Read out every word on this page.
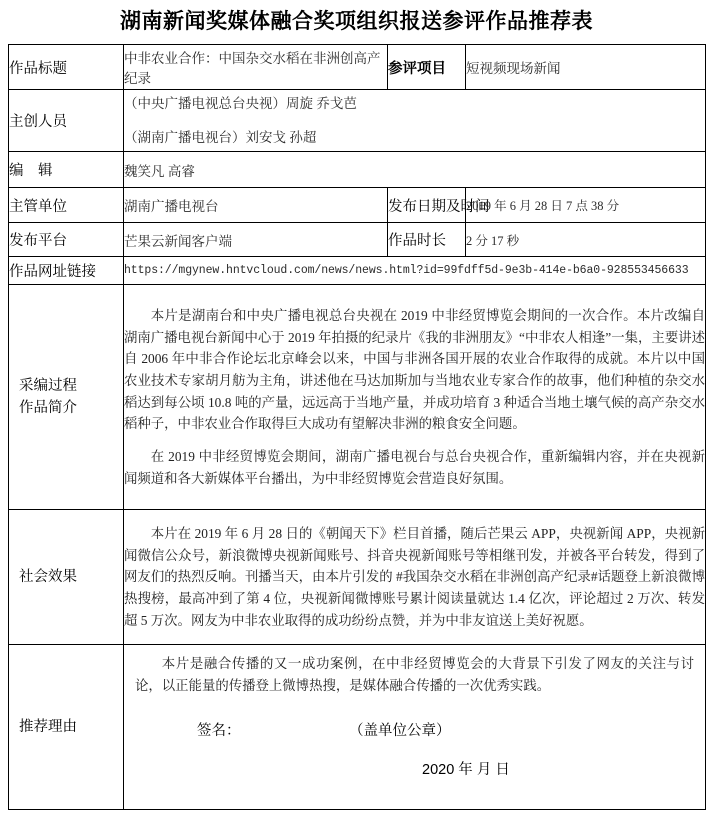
湖南新闻奖媒体融合奖项组织报送参评作品推荐表
作品标题	中非农业合作：中国杂交水稻在非洲创高产纪录	参评项目	短视频现场新闻
主创人员	（中央广播电视总台央视）周旋 乔戈芭
（湖南广播电视台）刘安戈 孙超		

编　辑	魏笑凡 高睿		
主管单位	湖南广播电视台	发布日期及时间	2019 年 6 月 28 日 7 点 38 分
发布平台	芒果云新闻客户端	作品时长	2 分 17 秒
作品网址链接	https://mgynew.hntvcloud.com/news/news.html?id=99fdff5d-9e3b-414e-b6a0-928553456633		

采编过程
作品简介

本片是湖南台和中央广播电视总台央视在 2019 中非经贸博览会期间的一次合作。本片改编自湖南广播电视台新闻中心于 2019 年拍摄的纪录片《我的非洲朋友》“中非农人相逢”一集，主要讲述自 2006 年中非合作论坛北京峰会以来，中国与非洲各国开展的农业合作取得的成就。本片以中国农业技术专家胡月舫为主角，讲述他在马达加斯加与当地农业专家合作的故事，他们种植的杂交水稻达到每公顷 10.8 吨的产量，远远高于当地产量，并成功培育 3 种适合当地土壤气候的高产杂交水稻种子，中非农业合作取得巨大成功有望解决非洲的粮食安全问题。

在 2019 中非经贸博览会期间，湖南广播电视台与总台央视合作，重新编辑内容，并在央视新闻频道和各大新媒体平台播出，为中非经贸博览会营造良好氛围。

社会效果	本片在 2019 年 6 月 28 日的《朝闻天下》栏目首播，随后芒果云 APP，央视新闻 APP，央视新闻微信公众号，新浪微博央视新闻账号、抖音央视新闻账号等相继刊发，并被各平台转发，得到了网友们的热烈反响。刊播当天，由本片引发的 #我国杂交水稻在非洲创高产纪录#话题登上新浪微博热搜榜，最高冲到了第 4 位，央视新闻微博账号累计阅读量就达 1.4 亿次，评论超过 2 万次、转发超 5 万次。网友为中非农业取得的成功纷纷点赞，并为中非友谊送上美好祝愿。		

推荐理由	本片是融合传播的又一成功案例，在中非经贸博览会的大背景下引发了网友的关注与讨论，以正能量的传播登上微博热搜，是媒体融合传播的一次优秀实践。

签名： （盖单位公章）
2020 年 月 日		
